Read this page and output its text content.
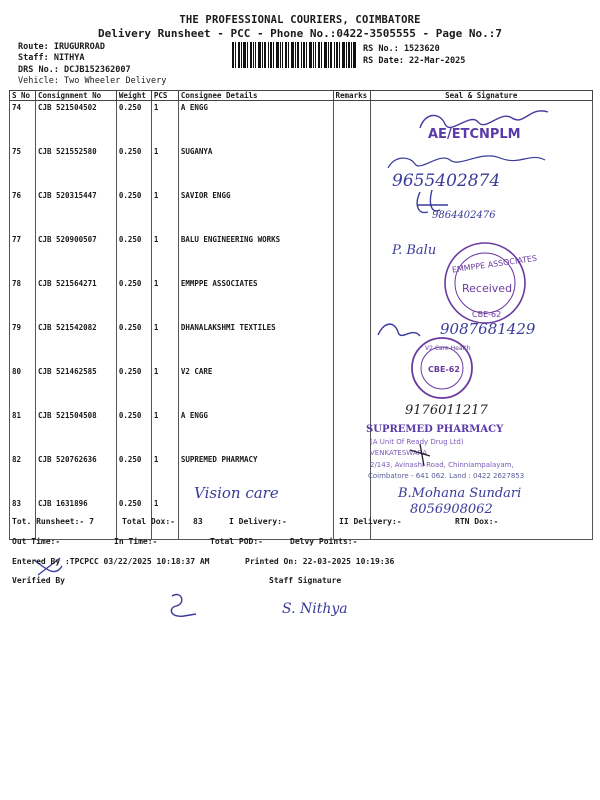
THE PROFESSIONAL COURIERS, COIMBATORE
Delivery Runsheet - PCC - Phone No.:0422-3505555 - Page No.:7
Route: IRUGURROAD
Staff: NITHYA
DRS No.: DCJB152362007
Vehicle: Two Wheeler Delivery
RS No.: 1523620
RS Date: 22-Mar-2025
S No	Consignment No	Weight	PCS	Consignee Details	Remarks	Seal & Signature
74	CJB 521504502	0.250	1	A ENGG		
75	CJB 521552580	0.250	1	SUGANYA		
76	CJB 520315447	0.250	1	SAVIOR ENGG		
77	CJB 520900507	0.250	1	BALU ENGINEERING WORKS		
78	CJB 521564271	0.250	1	EMMPPE ASSOCIATES		
79	CJB 521542082	0.250	1	DHANALAKSHMI TEXTILES		
80	CJB 521462585	0.250	1	V2 CARE		
81	CJB 521504508	0.250	1	A ENGG		
82	CJB 520762636	0.250	1	SUPREMED PHARMACY		
83	CJB 1631896	0.250	1			
AE/ETCNPLM
9655402874
9864402476
P. Balu
EMMPPE ASSOCIATES
Received
CBE-62
9087681429
V2 Care Health
CBE-62
9176011217
SUPREMED PHARMACY
(A Unit Of Ready Drug Ltd)
VENKATESWARA
2/143, Avinashi Road, Chinniampalayam,
Coimbatore - 641 062. Land : 0422 2627853
Vision care	B.Mohana Sundari
8056908062
S. Nithya
Tot. Runsheet:- 7	Total Dox:- 83	I Delivery:-	II Delivery:-	RTN Dox:-
Out Time:-	In Time:-	Total POD:-	Delvy Points:-
Entered By :TPCPCC 03/22/2025 10:18:37 AM	Printed On: 22-03-2025 10:19:36
Verified By	Staff Signature
